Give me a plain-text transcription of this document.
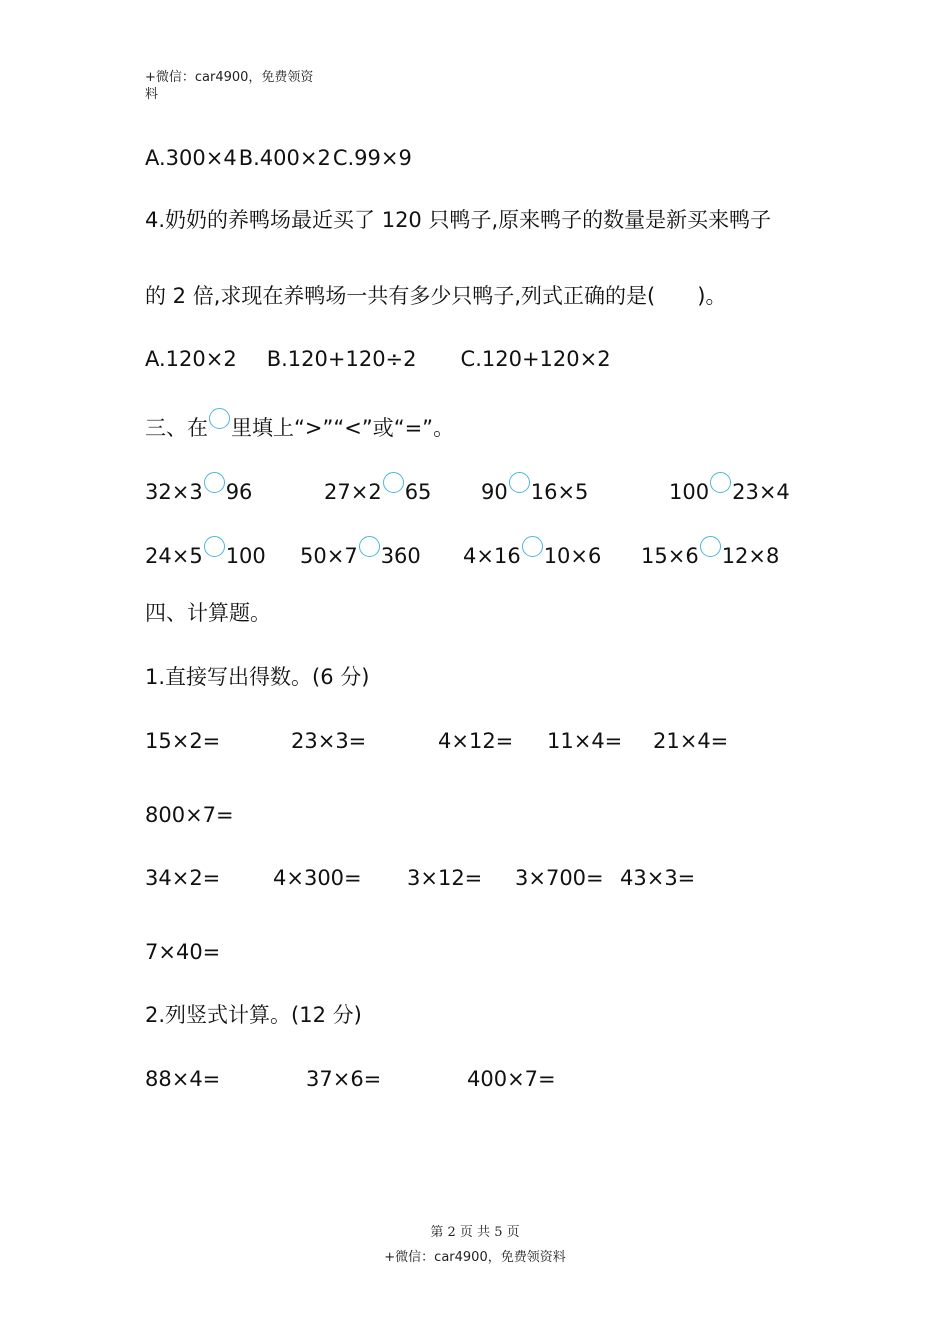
+微信：car4900，免费领资
料
A.300×4B.400×2C.99×9
4.奶奶的养鸭场最近买了 120 只鸭子,原来鸭子的数量是新买来鸭子
的 2 倍,求现在养鸭场一共有多少只鸭子,列式正确的是(　　)。
A.120×2 B.120+120÷2 C.120+120×2
三、在 里填上“>”“<”或“=”。
32×3 96	27×2 65 90 16×5	100 23×4
24×5 100 50×7 360 4×16 10×6 15×6 12×8
四、计算题。
1.直接写出得数。(6 分)
15×2=	23×3=	4×12= 11×4= 21×4=
800×7=
34×2=	4×300= 3×12= 3×700= 43×3=
7×40=
2.列竖式计算。(12 分)
88×4=	37×6=	400×7=
第 2 页 共 5 页
+微信：car4900，免费领资料
